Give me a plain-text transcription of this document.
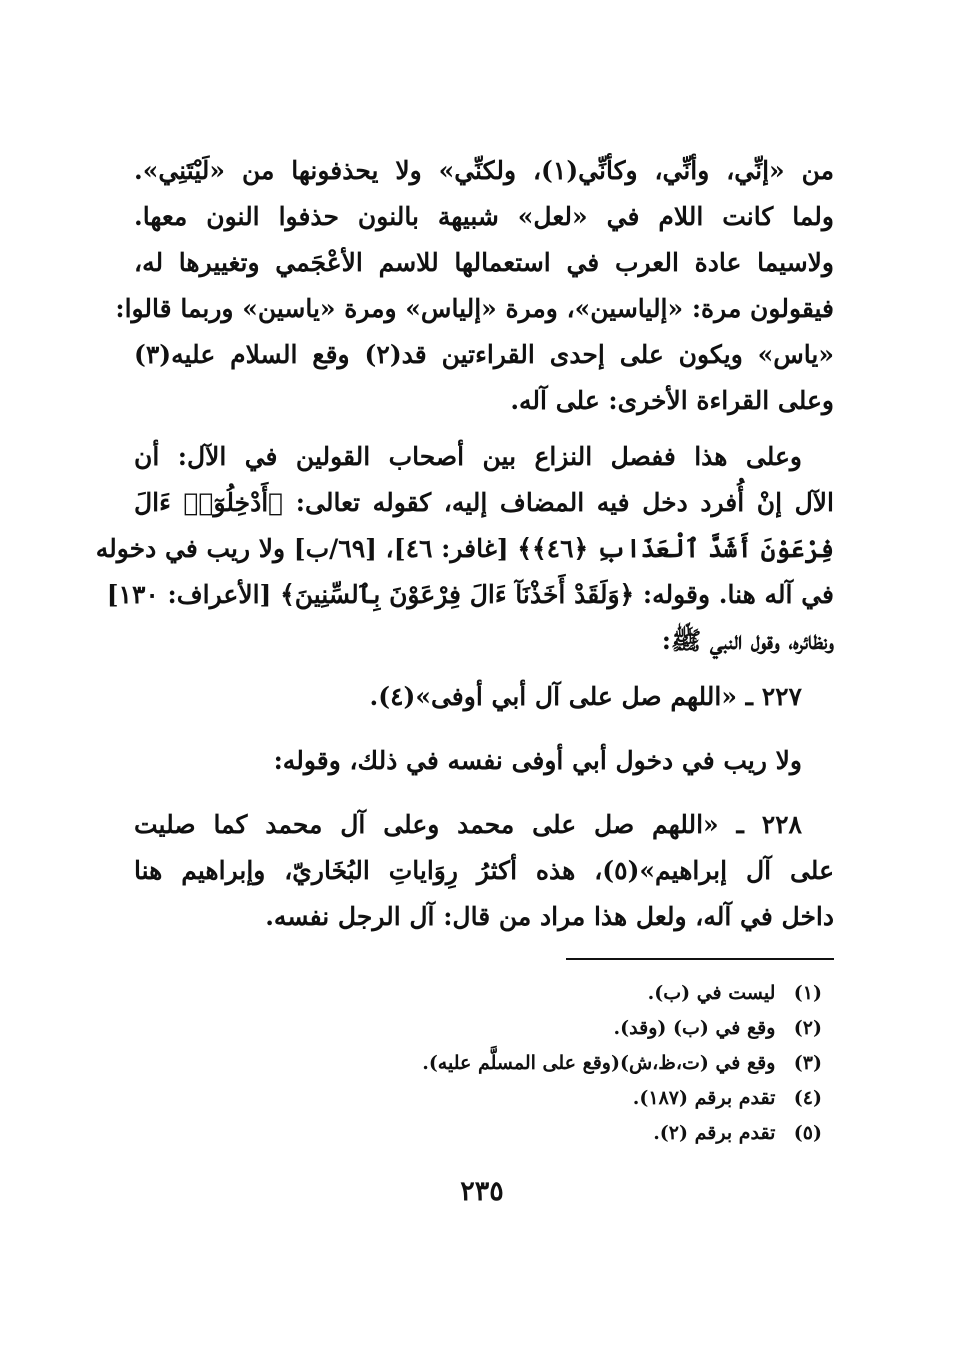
من «إنِّي، وأنِّي، وكأنِّي(١)، ولكنِّي» ولا يحذفونها من «لَيْتَنِي».
ولما كانت اللام في «لعل» شبيهة بالنون حذفوا النون معها.
ولاسيما عادة العرب في استعمالها للاسم الأعْجَمي وتغييرها له،
فيقولون مرة: «إلياسين»، ومرة «إلياس» ومرة «ياسين» وربما قالوا:
«ياس» ويكون على إحدى القراءتين قد(٢) وقع السلام عليه(٣)
وعلى القراءة الأخرى: على آله.
وعلى هذا ففصل النزاع بين أصحاب القولين في الآل: أن
الآل إنْ أُفرد دخل فيه المضاف إليه، كقوله تعالى: ﴿أَدْخِلُوٓا۟ ءَالَ
فِرْعَوْنَ أَشَدَّ ٱلْعَذَابِ ﴿٤٦﴾﴾ [غافر: ٤٦]، [٦٩/ب] ولا ريب في دخوله
في آله هنا. وقوله: ﴿وَلَقَدْ أَخَذْنَآ ءَالَ فِرْعَوْنَ بِٱلسِّنِينَ﴾ [الأعراف: ١٣٠]
ونظائره، وقول النبي ﷺ:
٢٢٧ ـ «اللهم صل على آل أبي أوفى»(٤).
ولا ريب في دخول أبي أوفى نفسه في ذلك، وقوله:
٢٢٨ ـ «اللهم صل على محمد وعلى آل محمد كما صليت
على آل إبراهيم»(٥)، هذه أكثرُ رِوَاياتِ البُخَاريّ، وإبراهيم هنا
داخل في آله، ولعل هذا مراد من قال: آل الرجل نفسه.
(١) ليست في (ب).
(٢) وقع في (ب) (وقد).
(٣) وقع في (ت،ظ،ش)(وقع على المسلَّم عليه).
(٤) تقدم برقم (١٨٧).
(٥) تقدم برقم (٢).
٢٣٥
